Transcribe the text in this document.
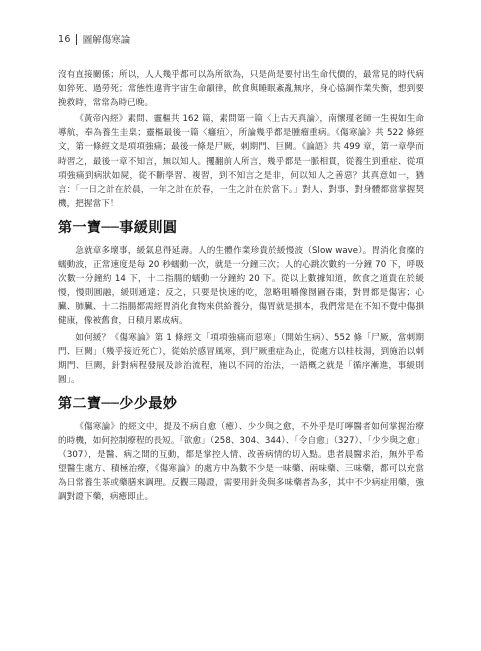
16 圖解傷寒論

沒有直接關係；所以，人人幾乎都可以為所欲為，只是尚是要付出生命代價的，最常見的時代病如猝死、過勞死；常態性違背宇宙生命韻律，飲食與睡眠紊亂無序，身心協調作業失衡，想到要挽救時，常常為時已晚。

《黃帝內經》素問、靈樞共 162 篇，素問第一篇〈上古天真論〉，南懷瑾老師一生視如生命導航，奉為養生圭臬；靈樞最後一篇〈癰疽〉，所論幾乎都是腫瘤重病。《傷寒論》共 522 條經文，第一條經文是項項強痛；最後一條是尸厥，剌期門、巨闕。《論語》共 499 章，第一章學而時習之，最後一章不知言，無以知人。攫翻前人所言，幾乎都是一脈相貫，從養生到重症、從項項強痛到病狀如屍，從不斷學習、複習，到不知言之是非，何以知人之善惡？其真意如一，猶言：「一日之計在於晨，一年之計在於春，一生之計在於當下。」對人、對事、對身體都當掌握契機，把握當下！

第一寶──事緩則圓

急就章多壞事，緩氣息得延壽。人的生體作業珍貴於緩慢波（Slow wave）。胃消化食糜的蠕動波，正常速度是每 20 秒蠕動一次，就是一分鐘三次；人的心跳次數約一分鐘 70 下，呼吸次數一分鐘約 14 下，十二指腸的蠕動一分鐘約 20 下。從以上數據知道，飲食之道貴在於緩慢，慢則圓融，緩則通達；反之，只要是快速的吃，忽略咀嚼像囫圇吞棗，對胃都是傷害；心臟、肺臟、十二指腸都需經胃消化食物來供給養分，傷胃就是損本，我們常是在不知不覺中傷損健康，像被舊食，日積月累成病。

如何緩？《傷寒論》第 1 條經文「項項強痛而惡寒」（開始生病）、552 條「尸厥，當刺期門、巨闕」（幾乎接近死亡），從始於感冒風寒，到尸厥重症為止，從處方以桂枝湯，到施治以刺期門、巨闕，針對病程發展及診治流程，施以不同的治法，一語概之就是「循序漸進，事緩則圓」。

第二寶──少少最妙

《傷寒論》的經文中，提及不病自愈（癒）、少少與之愈，不外乎是叮嚀醫者如何掌握治療的時機，如何控制療程的長短。「欲愈」（258、304、344）、「令自愈」（327）、「少少與之愈」（307），是醫、病之間的互動，都是掌控人情、改善病情的切入點。患者晨醫求治，無外乎希望醫生處方、積極治療，《傷寒論》的處方中為數不少是一味藥、兩味藥、三味藥，都可以充當為日常養生茶或藥膳來調理。反觀三陽證，需要用針灸與多味藥者為多，其中不少病症用藥，強調對證下藥，病癒即止。
